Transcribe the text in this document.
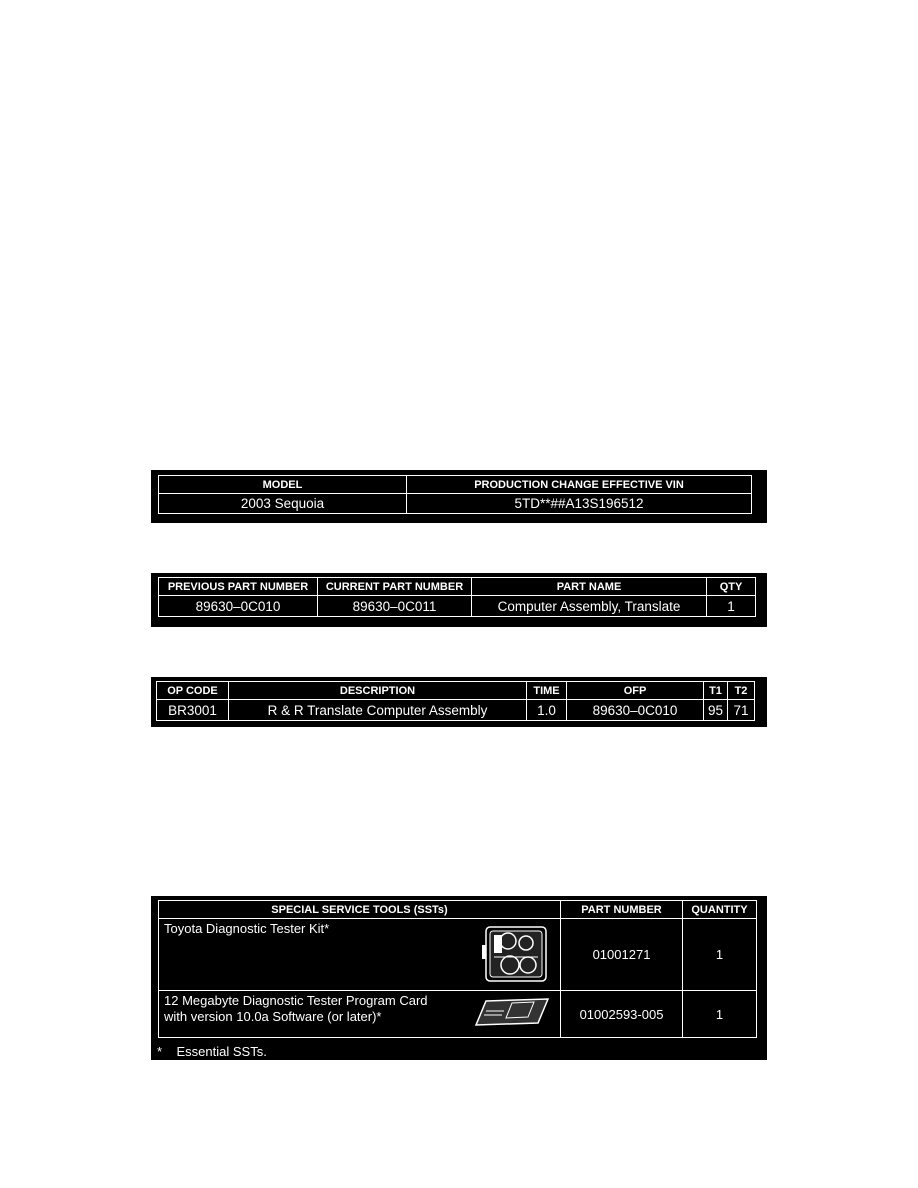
MODEL	PRODUCTION CHANGE EFFECTIVE VIN
2003 Sequoia	5TD**##A13S196512
PREVIOUS PART NUMBER	CURRENT PART NUMBER	PART NAME	QTY
89630–0C010	89630–0C011	Computer Assembly, Translate	1
OP CODE	DESCRIPTION	TIME	OFP	T1	T2
BR3001	R & R Translate Computer Assembly	1.0	89630–0C010	95	71
SPECIAL SERVICE TOOLS (SSTs)	PART NUMBER	QUANTITY

Toyota Diagnostic Tester Kit*	01001271	1

12 Megabyte Diagnostic Tester Program Card
with version 10.0a Software (or later)*	01002593-005	1
* Essential SSTs.
